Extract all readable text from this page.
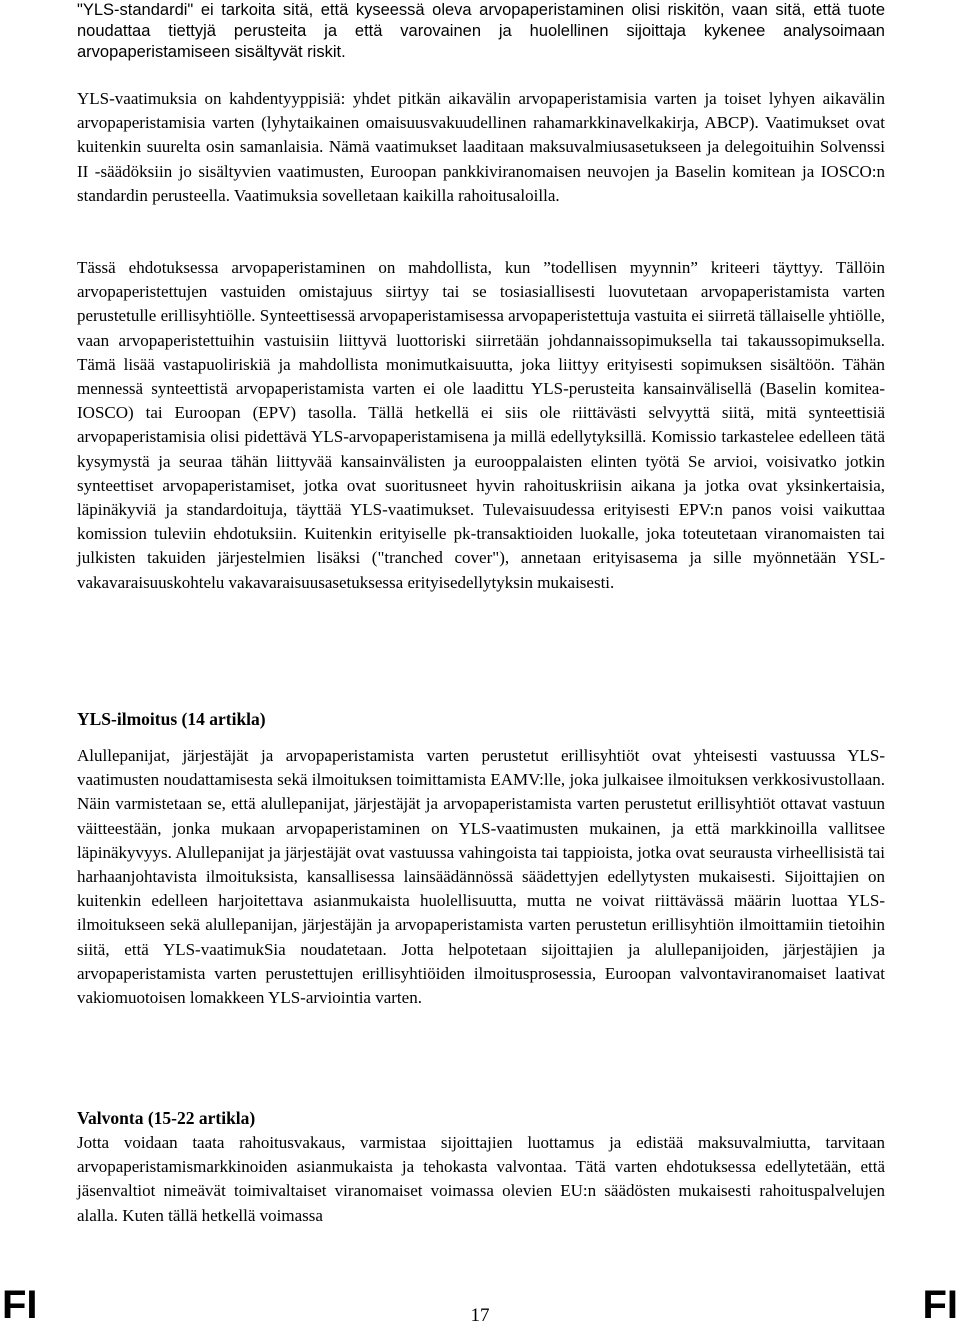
"YLS-standardi" ei tarkoita sitä, että kyseessä oleva arvopaperistaminen olisi riskitön, vaan sitä, että tuote noudattaa tiettyjä perusteita ja että varovainen ja huolellinen sijoittaja kykenee analysoimaan arvopaperistamiseen sisältyvät riskit.

YLS-vaatimuksia on kahdentyyppisiä: yhdet pitkän aikavälin arvopaperistamisia varten ja toiset lyhyen aikavälin arvopaperistamisia varten (lyhytaikainen omaisuusvakuudellinen rahamarkkinavelkakirja, ABCP). Vaatimukset ovat kuitenkin suurelta osin samanlaisia. Nämä vaatimukset laaditaan maksuvalmiusasetukseen ja delegoituihin Solvenssi II -säädöksiin jo sisältyvien vaatimusten, Euroopan pankkiviranomaisen neuvojen ja Baselin komitean ja IOSCO:n standardin perusteella. Vaatimuksia sovelletaan kaikilla rahoitusaloilla.

Tässä ehdotuksessa arvopaperistaminen on mahdollista, kun ”todellisen myynnin” kriteeri täyttyy. Tällöin arvopaperistettujen vastuiden omistajuus siirtyy tai se tosiasiallisesti luovutetaan arvopaperistamista varten perustetulle erillisyhtiölle. Synteettisessä arvopaperistamisessa arvopaperistettuja vastuita ei siirretä tällaiselle yhtiölle, vaan arvopaperistettuihin vastuisiin liittyvä luottoriski siirretään johdannaissopimuksella tai takaussopimuksella. Tämä lisää vastapuoliriskiä ja mahdollista monimutkaisuutta, joka liittyy erityisesti sopimuksen sisältöön. Tähän mennessä synteettistä arvopaperistamista varten ei ole laadittu YLS-perusteita kansainvälisellä (Baselin komitea-IOSCO) tai Euroopan (EPV) tasolla. Tällä hetkellä ei siis ole riittävästi selvyyttä siitä, mitä synteettisiä arvopaperistamisia olisi pidettävä YLS-arvopaperistamisena ja millä edellytyksillä. Komissio tarkastelee edelleen tätä kysymystä ja seuraa tähän liittyvää kansainvälisten ja eurooppalaisten elinten työtä Se arvioi, voisivatko jotkin synteettiset arvopaperistamiset, jotka ovat suoritusneet hyvin rahoituskriisin aikana ja jotka ovat yksinkertaisia, läpinäkyviä ja standardoituja, täyttää YLS-vaatimukset. Tulevaisuudessa erityisesti EPV:n panos voisi vaikuttaa komission tuleviin ehdotuksiin. Kuitenkin erityiselle pk-transaktioiden luokalle, joka toteutetaan viranomaisten tai julkisten takuiden järjestelmien lisäksi ("tranched cover"), annetaan erityisasema ja sille myönnetään YSL-vakavaraisuuskohtelu vakavaraisuusasetuksessa erityisedellytyksin mukaisesti.

YLS-ilmoitus (14 artikla)

Alullepanijat, järjestäjät ja arvopaperistamista varten perustetut erillisyhtiöt ovat yhteisesti vastuussa YLS-vaatimusten noudattamisesta sekä ilmoituksen toimittamista EAMV:lle, joka julkaisee ilmoituksen verkkosivustollaan. Näin varmistetaan se, että alullepanijat, järjestäjät ja arvopaperistamista varten perustetut erillisyhtiöt ottavat vastuun väitteestään, jonka mukaan arvopaperistaminen on YLS-vaatimusten mukainen, ja että markkinoilla vallitsee läpinäkyvyys. Alullepanijat ja järjestäjät ovat vastuussa vahingoista tai tappioista, jotka ovat seurausta virheellisistä tai harhaanjohtavista ilmoituksista, kansallisessa lainsäädännössä säädettyjen edellytysten mukaisesti. Sijoittajien on kuitenkin edelleen harjoitettava asianmukaista huolellisuutta, mutta ne voivat riittävässä määrin luottaa YLS-ilmoitukseen sekä alullepanijan, järjestäjän ja arvopaperistamista varten perustetun erillisyhtiön ilmoittamiin tietoihin siitä, että YLS-vaatimukSia noudatetaan. Jotta helpotetaan sijoittajien ja alullepanijoiden, järjestäjien ja arvopaperistamista varten perustettujen erillisyhtiöiden ilmoitusprosessia, Euroopan valvontaviranomaiset laativat vakiomuotoisen lomakkeen YLS-arviointia varten.

Valvonta (15-22 artikla)

Jotta voidaan taata rahoitusvakaus, varmistaa sijoittajien luottamus ja edistää maksuvalmiutta, tarvitaan arvopaperistamismarkkinoiden asianmukaista ja tehokasta valvontaa. Tätä varten ehdotuksessa edellytetään, että jäsenvaltiot nimeävät toimivaltaiset viranomaiset voimassa olevien EU:n säädösten mukaisesti rahoituspalvelujen alalla. Kuten tällä hetkellä voimassa

FI	17	FI
